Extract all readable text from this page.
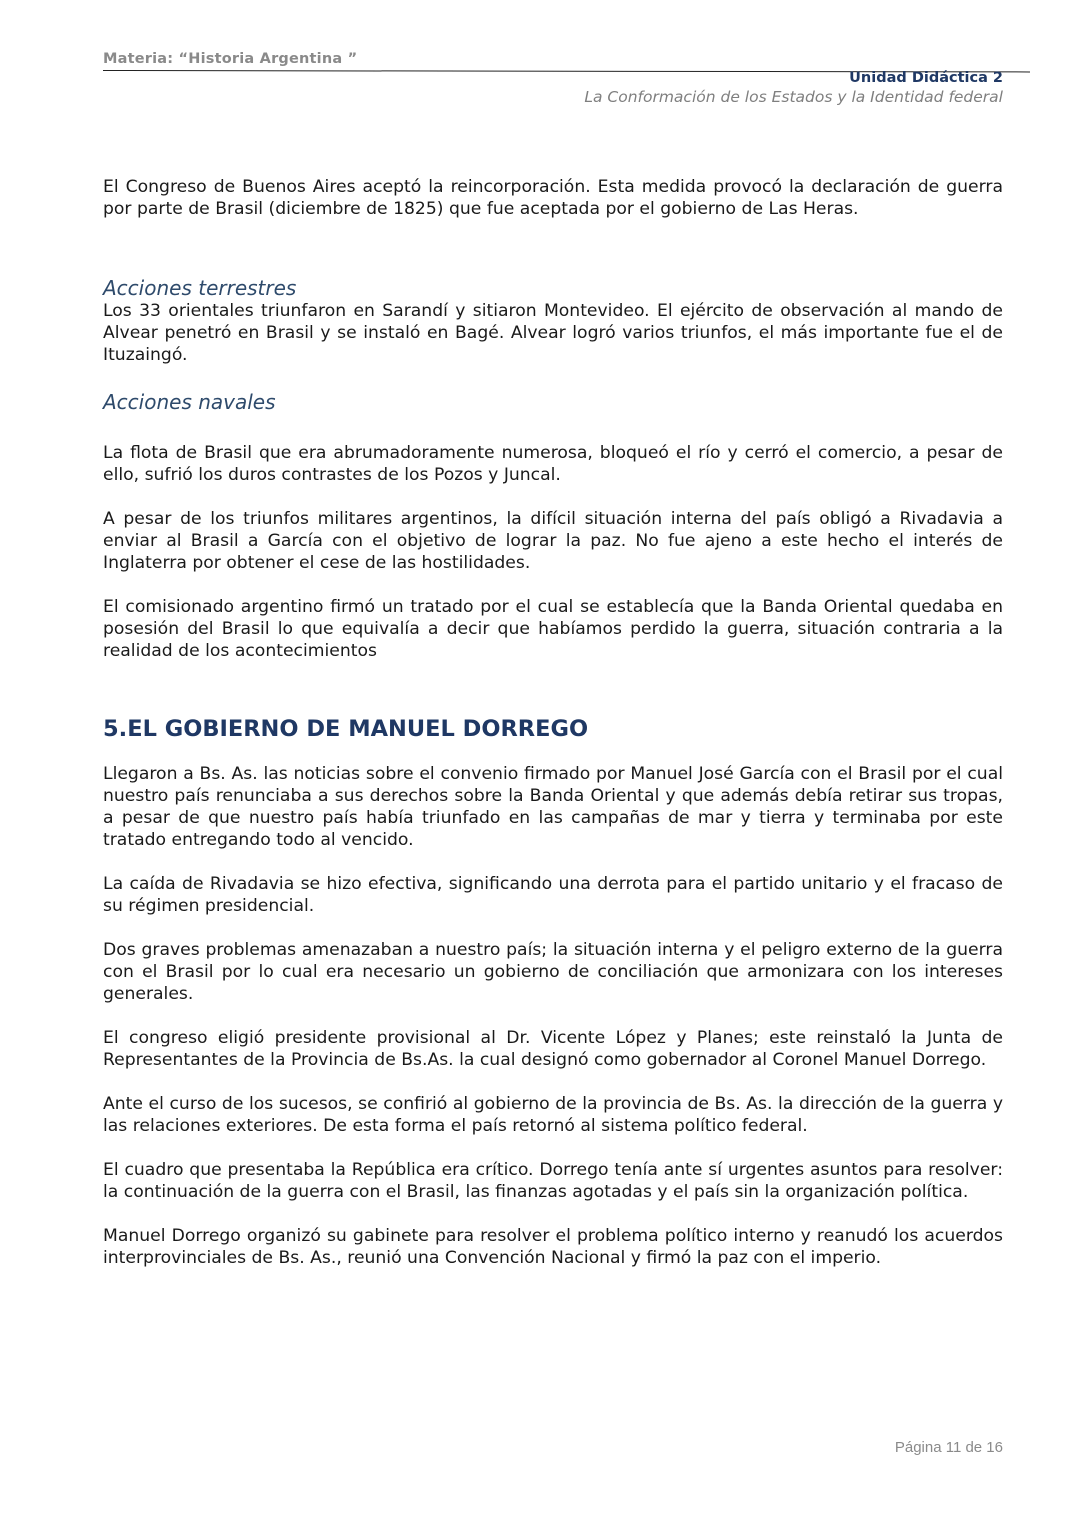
Materia: “Historia Argentina ”
Unidad Didáctica 2
La Conformación de los Estados y la Identidad federal

El Congreso de Buenos Aires aceptó la reincorporación. Esta medida provocó la declaración de guerra por parte de Brasil (diciembre de 1825) que fue aceptada por el gobierno de Las Heras.

Acciones terrestres

Los 33 orientales triunfaron en Sarandí y sitiaron Montevideo. El ejército de observación al mando de Alvear penetró en Brasil y se instaló en Bagé. Alvear logró varios triunfos, el más importante fue el de Ituzaingó.

Acciones navales

La flota de Brasil que era abrumadoramente numerosa, bloqueó el río y cerró el comercio, a pesar de ello, sufrió los duros contrastes de los Pozos y Juncal.

A pesar de los triunfos militares argentinos, la difícil situación interna del país obligó a Rivadavia a enviar al Brasil a García con el objetivo de lograr la paz. No fue ajeno a este hecho el interés de Inglaterra por obtener el cese de las hostilidades.

El comisionado argentino firmó un tratado por el cual se establecía que la Banda Oriental quedaba en posesión del Brasil lo que equivalía a decir que habíamos perdido la guerra, situación contraria a la realidad de los acontecimientos

5.EL GOBIERNO DE MANUEL DORREGO

Llegaron a Bs. As. las noticias sobre el convenio firmado por Manuel José García con el Brasil por el cual nuestro país renunciaba a sus derechos sobre la Banda Oriental y que además debía retirar sus tropas, a pesar de que nuestro país había triunfado en las campañas de mar y tierra y terminaba por este tratado entregando todo al vencido.

La caída de Rivadavia se hizo efectiva, significando una derrota para el partido unitario y el fracaso de su régimen presidencial.

Dos graves problemas amenazaban a nuestro país; la situación interna y el peligro externo de la guerra con el Brasil por lo cual era necesario un gobierno de conciliación que armonizara con los intereses generales.

El congreso eligió presidente provisional al Dr. Vicente López y Planes; este reinstaló la Junta de Representantes de la Provincia de Bs.As. la cual designó como gobernador al Coronel Manuel Dorrego.

Ante el curso de los sucesos, se confirió al gobierno de la provincia de Bs. As. la dirección de la guerra y las relaciones exteriores. De esta forma el país retornó al sistema político federal.

El cuadro que presentaba la República era crítico. Dorrego tenía ante sí urgentes asuntos para resolver: la continuación de la guerra con el Brasil, las finanzas agotadas y el país sin la organización política.

Manuel Dorrego organizó su gabinete para resolver el problema político interno y reanudó los acuerdos interprovinciales de Bs. As., reunió una Convención Nacional y firmó la paz con el imperio.

Página 11 de 16
